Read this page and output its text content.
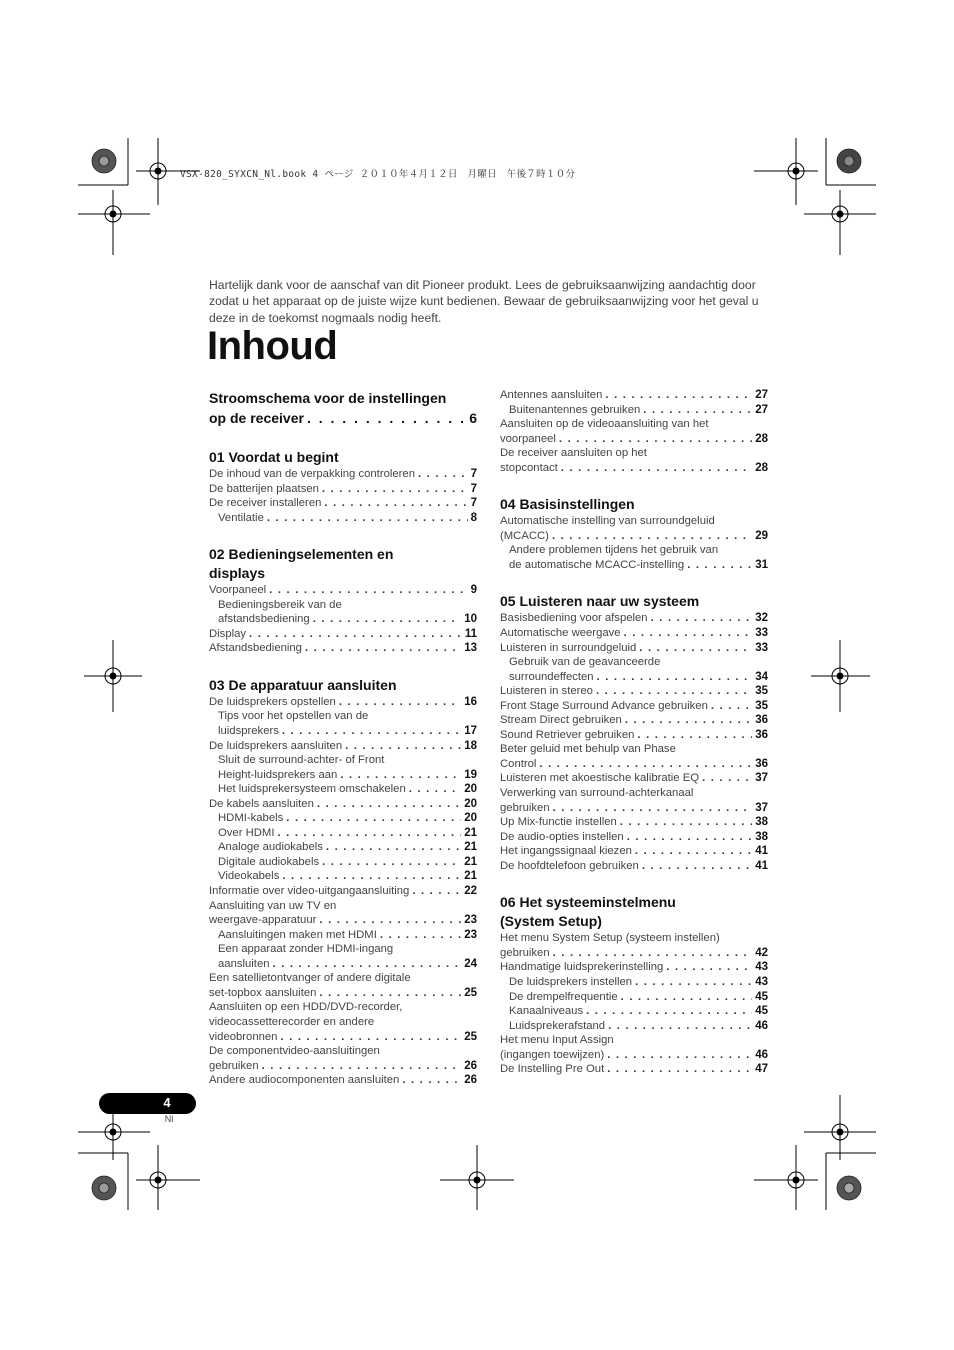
VSX-820_SYXCN_Nl.book 4 ページ ２０１０年４月１２日　月曜日　午後７時１０分

Hartelijk dank voor de aanschaf van dit Pioneer produkt. Lees de gebruiksaanwijzing aandachtig door zodat u het apparaat op de juiste wijze kunt bedienen. Bewaar de gebruiksaanwijzing voor het geval u deze in de toekomst nogmaals nodig heeft.

Inhoud
Stroomschema voor de instellingen
op de receiver . . .	6
01 Voordat u begint
De inhoud van de verpakking controleren . . .	7
De batterijen plaatsen . . .	7
De receiver installeren . . .	7
Ventilatie . . .	8
02 Bedieningselementen en
displays
Voorpaneel . . .	9
Bedieningsbereik van de
afstandsbediening . . .	10
Display . . .	11
Afstandsbediening . . .	13
03 De apparatuur aansluiten
De luidsprekers opstellen . . .	16
Tips voor het opstellen van de
luidsprekers . . .	17
De luidsprekers aansluiten . . .	18
Sluit de surround-achter- of Front
Height-luidsprekers aan . . .	19
Het luidsprekersysteem omschakelen . . .	20
De kabels aansluiten . . .	20
HDMI-kabels . . .	20
Over HDMI . . .	21
Analoge audiokabels . . .	21
Digitale audiokabels . . .	21
Videokabels . . .	21
Informatie over video-uitgangaansluiting . . .	22
Aansluiting van uw TV en
weergave-apparatuur . . .	23
Aansluitingen maken met HDMI . . .	23
Een apparaat zonder HDMI-ingang
aansluiten . . .	24
Een satellietontvanger of andere digitale
set-topbox aansluiten . . .	25
Aansluiten op een HDD/DVD-recorder,
videocassetterecorder en andere
videobronnen . . .	25
De componentvideo-aansluitingen
gebruiken . . .	26
Andere audiocomponenten aansluiten . . .	26
Antennes aansluiten . . .	27
Buitenantennes gebruiken . . .	27
Aansluiten op de videoaansluiting van het
voorpaneel . . .	28
De receiver aansluiten op het
stopcontact . . .	28
04 Basisinstellingen
Automatische instelling van surroundgeluid
(MCACC) . . .	29
Andere problemen tijdens het gebruik van
de automatische MCACC-instelling . . .	31
05 Luisteren naar uw systeem
Basisbediening voor afspelen . . .	32
Automatische weergave . . .	33
Luisteren in surroundgeluid . . .	33
Gebruik van de geavanceerde
surroundeffecten . . .	34
Luisteren in stereo . . .	35
Front Stage Surround Advance gebruiken . . .	35
Stream Direct gebruiken . . .	36
Sound Retriever gebruiken . . .	36
Beter geluid met behulp van Phase
Control . . .	36
Luisteren met akoestische kalibratie EQ . . .	37
Verwerking van surround-achterkanaal
gebruiken . . .	37
Up Mix-functie instellen . . .	38
De audio-opties instellen . . .	38
Het ingangssignaal kiezen . . .	41
De hoofdtelefoon gebruiken . . .	41
06 Het systeeminstelmenu
(System Setup)
Het menu System Setup (systeem instellen)
gebruiken . . .	42
Handmatige luidsprekerinstelling . . .	43
De luidsprekers instellen . . .	43
De drempelfrequentie . . .	45
Kanaalniveaus . . .	45
Luidsprekerafstand . . .	46
Het menu Input Assign
(ingangen toewijzen) . . .	46
De Instelling Pre Out . . .	47
4
Nl
